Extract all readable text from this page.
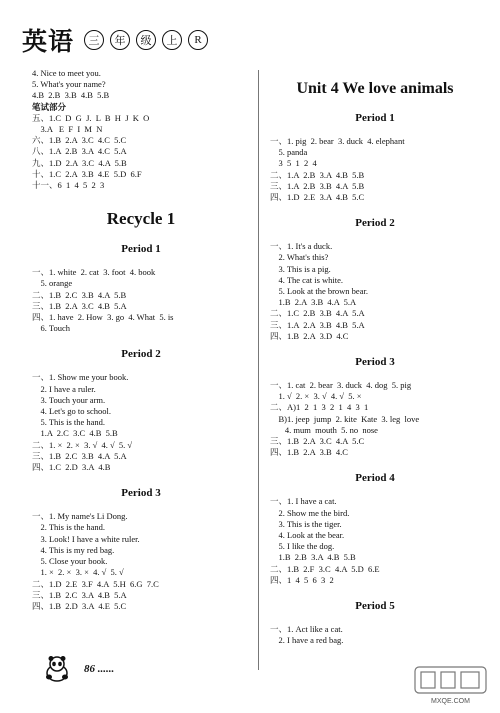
英语	三	年	级	上	R
4. Nice to meet you.
5. What's your name?
4.B  2.B  3.B  4.B  5.B
笔试部分
五、1.C  D  G  J.  L  B  H  J  K  O
3.A   E  F  I  M  N
六、1.B  2.A  3.C  4.C  5.C
八、1.A  2.B  3.A  4.C  5.A
九、1.D  2.A  3.C  4.A  5.B
十、1.C  2.A  3.B  4.E  5.D  6.F
十一、6  1  4  5  2  3
Recycle 1
Period 1
一、1. white  2. cat  3. foot  4. book
5. orange
二、1.B  2.C  3.B  4.A  5.B
三、1.B  2.A  3.C  4.B  5.A
四、1. have  2. How  3. go  4. What  5. is
6. Touch
Period 2
一、1. Show me your book.
2. I have a ruler.
3. Touch your arm.
4. Let's go to school.
5. This is the hand.
1.A  2.C  3.C  4.B  5.B
二、1. ×  2. ×  3. √  4. √  5. √
三、1.B  2.C  3.B  4.A  5.A
四、1.C  2.D  3.A  4.B
Period 3
一、1. My name's Li Dong.
2. This is the hand.
3. Look! I have a white ruler.
4. This is my red bag.
5. Close your book.
1. ×  2. ×  3. ×  4. √  5. √
二、1.D  2.E  3.F  4.A  5.H  6.G  7.C
三、1.B  2.C  3.A  4.B  5.A
四、1.B  2.D  3.A  4.E  5.C
Unit 4 We love animals
Period 1
一、1. pig  2. bear  3. duck  4. elephant
5. panda
3  5  1  2  4
二、1.A  2.B  3.A  4.B  5.B
三、1.A  2.B  3.B  4.A  5.B
四、1.D  2.E  3.A  4.B  5.C
Period 2
一、1. It's a duck.
2. What's this?
3. This is a pig.
4. The cat is white.
5. Look at the brown bear.
1.B  2.A  3.B  4.A  5.A
二、1.C  2.B  3.B  4.A  5.A
三、1.A  2.A  3.B  4.B  5.A
四、1.B  2.A  3.D  4.C
Period 3
一、1. cat  2. bear  3. duck  4. dog  5. pig
1. √  2. ×  3. √  4. √  5. ×
二、A)1  2  1  3  2  1  4  3  1
B)1. jeep  jump  2. kite  Kate  3. leg  love
4. mum  mouth  5. no  nose
三、1.B  2.A  3.C  4.A  5.C
四、1.B  2.A  3.B  4.C
Period 4
一、1. I have a cat.
2. Show me the bird.
3. This is the tiger.
4. Look at the bear.
5. I like the dog.
1.B  2.B  3.A  4.B  5.B
二、1.B  2.F  3.C  4.A  5.D  6.E
四、1  4  5  6  3  2
Period 5
一、1. Act like a cat.
2. I have a red bag.
86 ......
MXQE.COM
